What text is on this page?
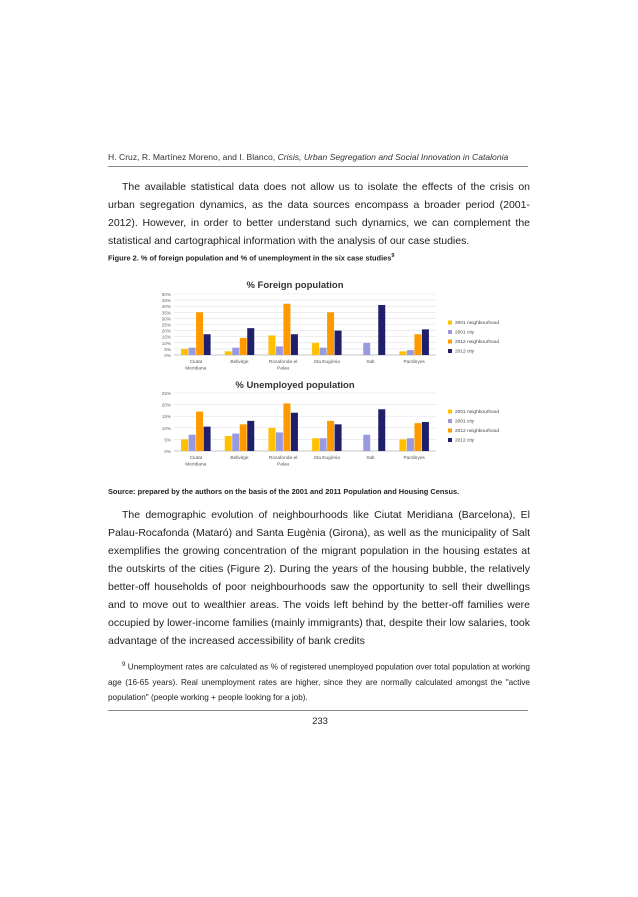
H. Cruz, R. Martínez Moreno, and I. Blanco, Crisis, Urban Segregation and Social Innovation in Catalonia
The available statistical data does not allow us to isolate the effects of the crisis on urban segregation dynamics, as the data sources encompass a broader period (2001-2012). However, in order to better understand such dynamics, we can complement the statistical and cartographical information with the analysis of our case studies.
Figure 2. % of foreign population and % of unemployment in the six case studies$^9$
% Foreign population
0%
5%
10%
15%
20%
25%
30%
35%
40%
45%
50%
Ciutat
Meridiana
Bellvitge	Rocafonda-el
Palau
Sta Eugènia	Salt	Pardinyes
2001 neighbourhood
2001 city
2012 neighbourhood
2012 city
% Unemployed population
0%
5%
10%
15%
20%
25%
Ciutat
Meridiana
Bellvitge	Rocafonda-el
Palau
Sta Eugènia	Salt	Pardinyes
2001 neighbourhood
2001 city
2012 neighbourhood
2012 city
Source: prepared by the authors on the basis of the 2001 and 2011 Population and Housing Census.
The demographic evolution of neighbourhoods like Ciutat Meridiana (Barcelona), El Palau-Rocafonda (Mataró) and Santa Eugènia (Girona), as well as the municipality of Salt exemplifies the growing concentration of the migrant population in the housing estates at the outskirts of the cities (Figure 2). During the years of the housing bubble, the relatively better-off households of poor neighbourhoods saw the opportunity to sell their dwellings and to move out to wealthier areas. The voids left behind by the better-off families were occupied by lower-income families (mainly immigrants) that, despite their low salaries, took advantage of the increased accessibility of bank credits
$^9$ Unemployment rates are calculated as % of registered unemployed population over total population at working age (16-65 years). Real unemployment rates are higher, since they are normally calculated amongst the "active population" (people working + people looking for a job).
233
